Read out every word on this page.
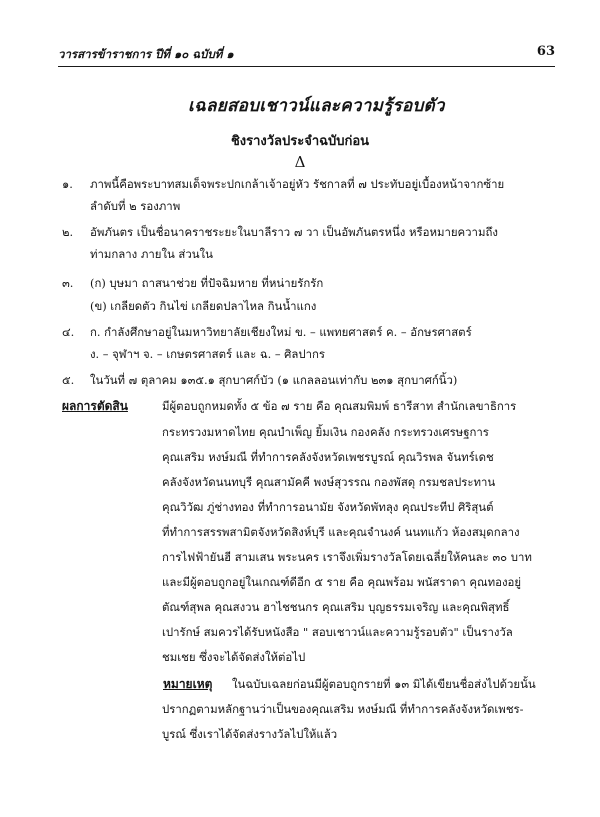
วารสารข้าราชการ ปีที่ ๑๐ ฉบับที่ ๑	63
เฉลยสอบเชาวน์และความรู้รอบตัว
ชิงรางวัลประจำฉบับก่อน
Δ
๑. ภาพนี้คือพระบาทสมเด็จพระปกเกล้าเจ้าอยู่หัว รัชกาลที่ ๗ ประทับอยู่เบื้องหน้าจากซ้าย
ลำดับที่ ๒ รองภาพ
๒. อัพภันตร เป็นชื่อนาคราชระยะในบาลีราว ๗ วา เป็นอัพภันตรหนึ่ง หรือหมายความถึง
ท่ามกลาง ภายใน ส่วนใน
๓. (ก) บุษมา ถาสนาช่วย ที่ปัจฉิมหาย ที่หน่ายรักรัก
(ข) เกลียดตัว กินไข่ เกลียดปลาไหล กินน้ำแกง
๔. ก. กำลังศึกษาอยู่ในมหาวิทยาลัยเชียงใหม่ ข. – แพทยศาสตร์ ค. – อักษรศาสตร์
ง. – จุฬาฯ จ. – เกษตรศาสตร์ และ ฉ. – ศิลปากร
๕. ในวันที่ ๗ ตุลาคม ๑๓๕.๑ สุกบาศก์บัว (๑ แกลลอนเท่ากับ ๒๓๑ สุกบาศก์นิ้ว)
ผลการตัดสิน	มีผู้ตอบถูกหมดทั้ง ๕ ข้อ ๗ ราย คือ คุณสมพิมพ์ ธารีสาท สำนักเลขาธิการ
กระทรวงมหาดไทย คุณบำเพ็ญ ยิ้มเงิน กองคลัง กระทรวงเศรษฐการ
คุณเสริม หงษ์มณี ที่ทำการคลังจังหวัดเพชรบูรณ์ คุณวิรพล จันทร์เดช
คลังจังหวัดนนทบุรี คุณสามัคคี พงษ์สุวรรณ กองพัสดุ กรมชลประทาน
คุณวิวัฒ ภู่ช่างทอง ที่ทำการอนามัย จังหวัดพัทลุง คุณประทีป ศิริสุนต์
ที่ทำการสรรพสามิตจังหวัดสิงห์บุรี และคุณจำนงค์ นนทแก้ว ห้องสมุดกลาง
การไฟฟ้ายันฮี สามเสน พระนคร เราจึงเพิ่มรางวัลโดยเฉลี่ยให้คนละ ๓๐ บาท
และมีผู้ตอบถูกอยู่ในเกณฑ์ดีอีก ๕ ราย คือ คุณพร้อม พนัสราดา คุณทองอยู่
ตัณฑ์สุพล คุณสงวน ฮาไชชนกร คุณเสริม บุญธรรมเจริญ และคุณพิสุทธิ์
เปารักษ์ สมควรได้รับหนังสือ " สอบเชาวน์และความรู้รอบตัว" เป็นรางวัล
ชมเชย ซึ่งจะได้จัดส่งให้ต่อไป
หมายเหตุ ในฉบับเฉลยก่อนมีผู้ตอบถูกรายที่ ๑๓ มิได้เขียนชื่อส่งไปด้วยนั้น
ปรากฏตามหลักฐานว่าเป็นของคุณเสริม หงษ์มณี ที่ทำการคลังจังหวัดเพชร-
บูรณ์ ซึ่งเราได้จัดส่งรางวัลไปให้แล้ว
